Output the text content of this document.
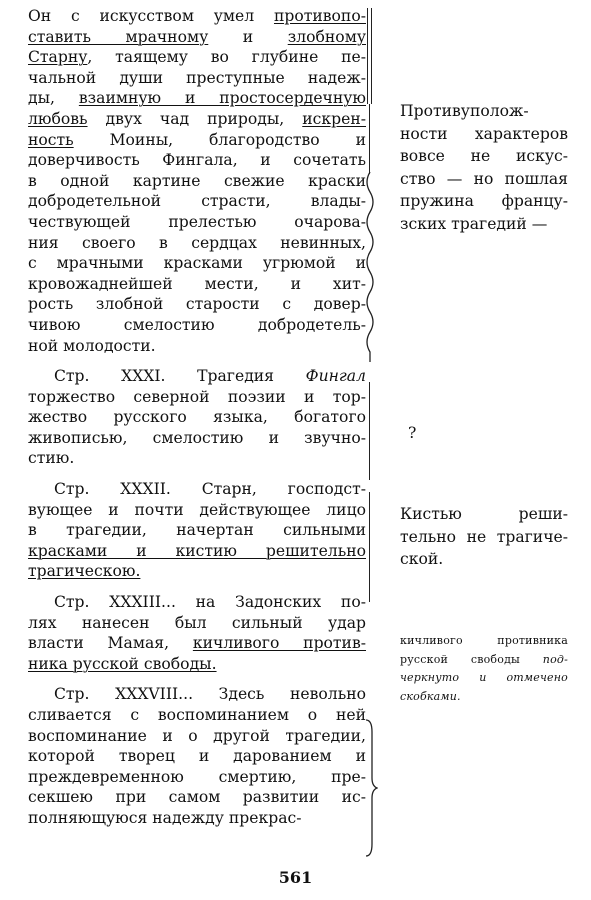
Он с искусством умел противопо-
ставить мрачному и злобному
Старну, таящему во глубине пе-
чальной души преступные надеж-
ды, взаимную и простосердечную
любовь двух чад природы, искрен-
ность Моины, благородство и
доверчивость Фингала, и сочетать
в одной картине свежие краски
добродетельной страсти, влады-
чествующей прелестью очарова-
ния своего в сердцах невинных,
с мрачными красками угрюмой и
кровожаднейшей мести, и хит-
рость злобной старости с довер-
чивою смелостию добродетель-
ной молодости.
Стр. XXXI. Трагедия Фингал
торжество северной поэзии и тор-
жество русского языка, богатого
живописью, смелостию и звучно-
стию.
Стр. XXXII. Старн, господст-
вующее и почти действующее лицо
в трагедии, начертан сильными
красками и кистию решительно
трагическою.
Стр. XXXIII... на Задонских по-
лях нанесен был сильный удар
власти Мамая, кичливого против-
ника русской свободы.
Стр. XXXVIII... Здесь невольно
сливается с воспоминанием о ней
воспоминание и о другой трагедии,
которой творец и дарованием и
преждевременною смертию, пре-
секшею при самом развитии ис-
полняющуюся надежду прекрас-
Противуполож-
ности характеров
вовсе не искус-
ство — но пошлая
пружина францу-
зских трагедий —
?
Кистью реши-
тельно не трагиче-
ской.
кичливого противника
русской свободы под-
черкнуто и отмечено
скобками.
561
